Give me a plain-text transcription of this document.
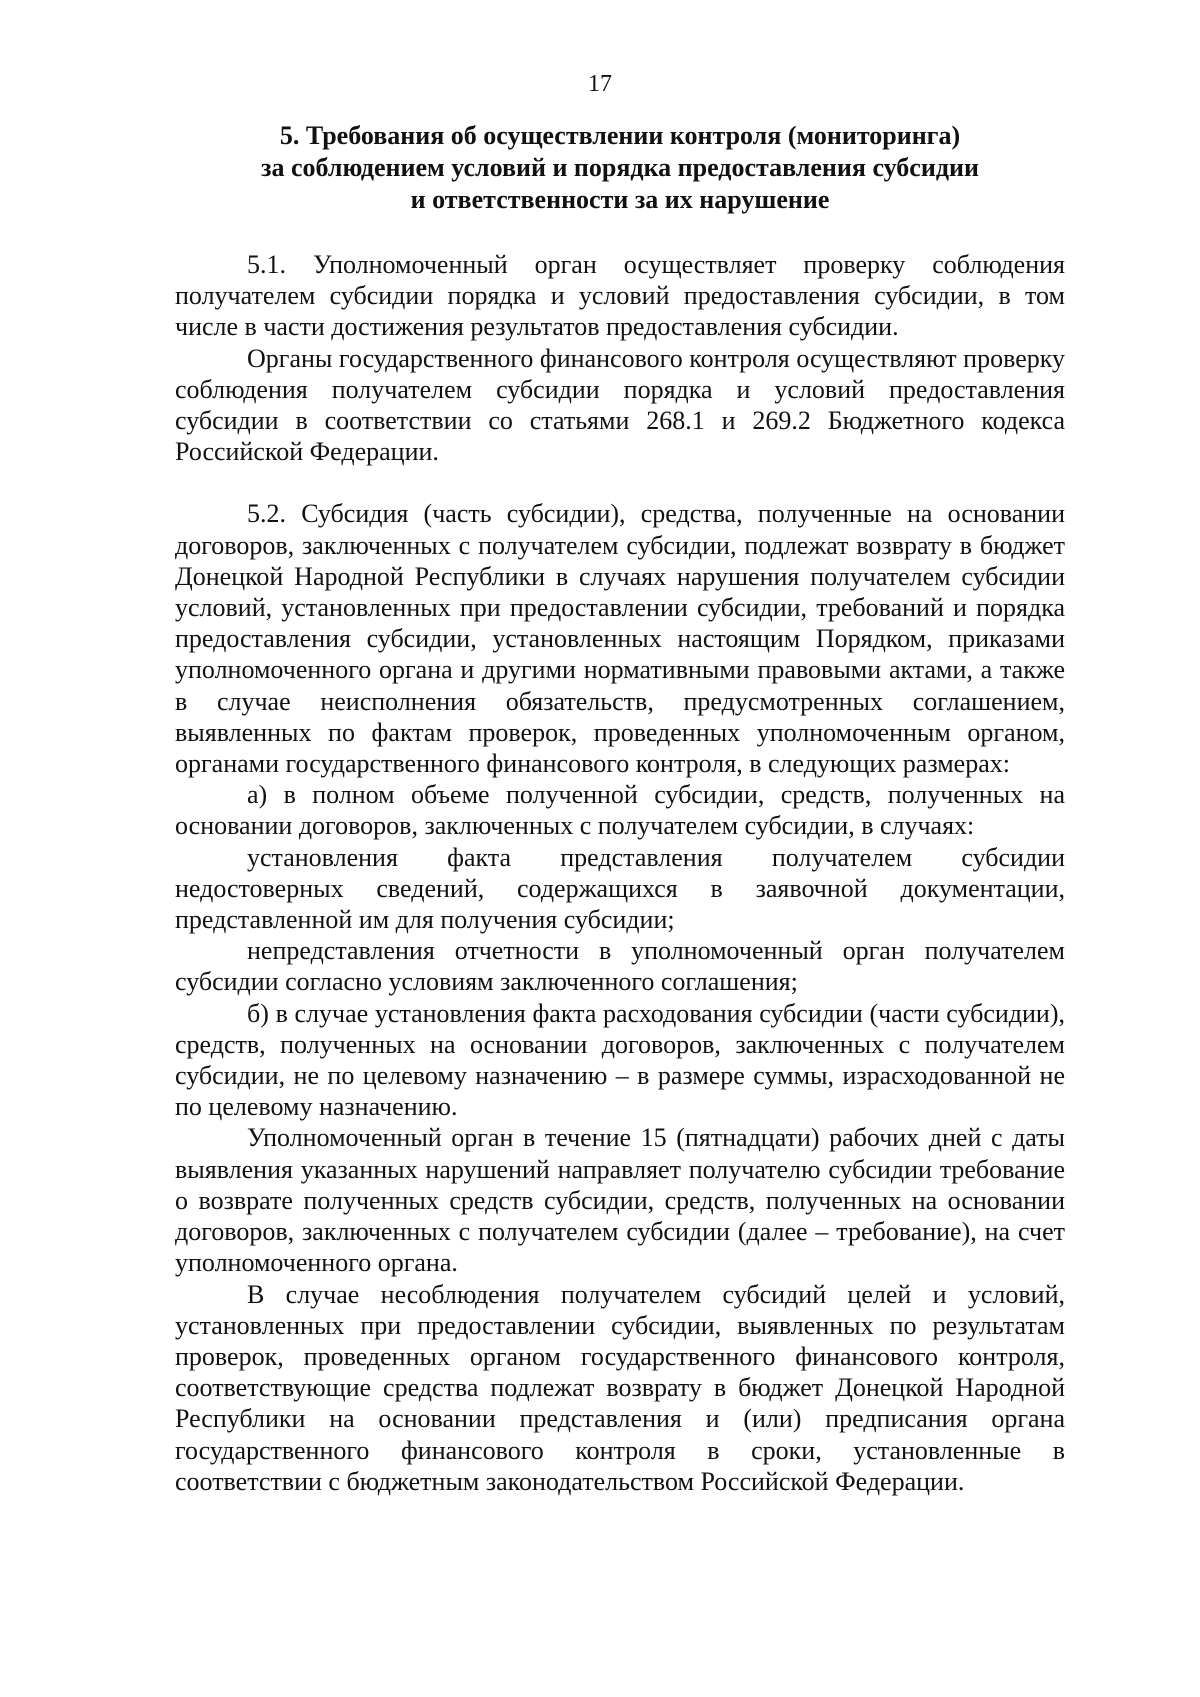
17
5. Требования об осуществлении контроля (мониторинга)
за соблюдением условий и порядка предоставления субсидии
и ответственности за их нарушение

5.1. Уполномоченный орган осуществляет проверку соблюдения получателем субсидии порядка и условий предоставления субсидии, в том числе в части достижения результатов предоставления субсидии.

Органы государственного финансового контроля осуществляют проверку соблюдения получателем субсидии порядка и условий предоставления субсидии в соответствии со статьями 268.1 и 269.2 Бюджетного кодекса Российской Федерации.

5.2. Субсидия (часть субсидии), средства, полученные на основании договоров, заключенных с получателем субсидии, подлежат возврату в бюджет Донецкой Народной Республики в случаях нарушения получателем субсидии условий, установленных при предоставлении субсидии, требований и порядка предоставления субсидии, установленных настоящим Порядком, приказами уполномоченного органа и другими нормативными правовыми актами, а также в случае неисполнения обязательств, предусмотренных соглашением, выявленных по фактам проверок, проведенных уполномоченным органом, органами государственного финансового контроля, в следующих размерах:

а) в полном объеме полученной субсидии, средств, полученных на основании договоров, заключенных с получателем субсидии, в случаях:

установления факта представления получателем субсидии недостоверных сведений, содержащихся в заявочной документации, представленной им для получения субсидии;

непредставления отчетности в уполномоченный орган получателем субсидии согласно условиям заключенного соглашения;

б) в случае установления факта расходования субсидии (части субсидии), средств, полученных на основании договоров, заключенных с получателем субсидии, не по целевому назначению – в размере суммы, израсходованной не по целевому назначению.

Уполномоченный орган в течение 15 (пятнадцати) рабочих дней с даты выявления указанных нарушений направляет получателю субсидии требование о возврате полученных средств субсидии, средств, полученных на основании договоров, заключенных с получателем субсидии (далее – требование), на счет уполномоченного органа.

В случае несоблюдения получателем субсидий целей и условий, установленных при предоставлении субсидии, выявленных по результатам проверок, проведенных органом государственного финансового контроля, соответствующие средства подлежат возврату в бюджет Донецкой Народной Республики на основании представления и (или) предписания органа государственного финансового контроля в сроки, установленные в соответствии с бюджетным законодательством Российской Федерации.
